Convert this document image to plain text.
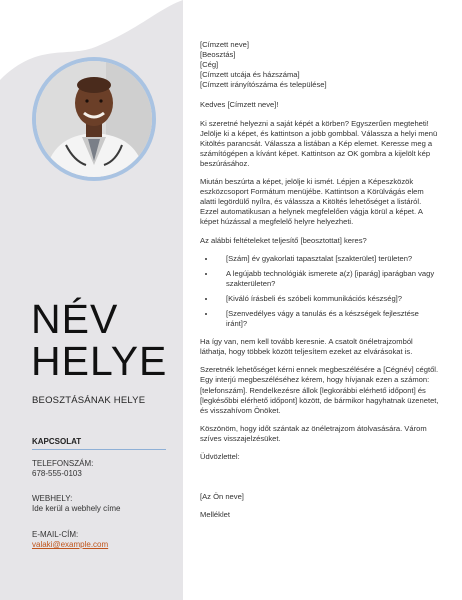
NÉV
HELYE
BEOSZTÁSÁNAK HELYE
KAPCSOLAT
TELEFONSZÁM:
678-555-0103
WEBHELY:
Ide kerül a webhely címe
E-MAIL-CÍM:
valaki@example.com
[Címzett neve]
[Beosztás]
[Cég]
[Címzett utcája és házszáma]
[Címzett irányítószáma és települése]

Kedves [Címzett neve]!

Ki szeretné helyezni a saját képét a körben? Egyszerűen megteheti! Jelölje ki a képet, és kattintson a jobb gombbal. Válassza a helyi menü Kitöltés parancsát. Válassza a listában a Kép elemet. Keresse meg a számítógépen a kívánt képet. Kattintson az OK gombra a kijelölt kép beszúrásához.

Miután beszúrta a képet, jelölje ki ismét. Lépjen a Képeszközök eszközcsoport Formátum menüjébe. Kattintson a Körülvágás elem alatti legördülő nyílra, és válassza a Kitöltés lehetőséget a listáról. Ezzel automatikusan a helynek megfelelően vágja körül a képet. A képet húzással a megfelelő helyre helyezheti.

Az alábbi feltételeket teljesítő [beosztottat] keres?

• [Szám] év gyakorlati tapasztalat [szakterület] területen?
• A legújabb technológiák ismerete a(z) [iparág] iparágban vagy szakterületen?
• [Kiváló írásbeli és szóbeli kommunikációs készség]?
• [Szenvedélyes vágy a tanulás és a készségek fejlesztése iránt]?

Ha így van, nem kell tovább keresnie. A csatolt önéletrajzomból láthatja, hogy többek között teljesítem ezeket az elvárásokat is.

Szeretnék lehetőséget kérni ennek megbeszélésére a [Cégnév] cégtől. Egy interjú megbeszéléséhez kérem, hogy hívjanak ezen a számon: [telefonszám]. Rendelkezésre állok [legkorábbi elérhető időpont] és [legkésőbbi elérhető időpont] között, de bármikor hagyhatnak üzenetet, és visszahívom Önöket.

Köszönöm, hogy időt szántak az önéletrajzom átolvasására. Várom szíves visszajelzésüket.

Üdvözlettel:

[Az Ön neve]

Melléklet
